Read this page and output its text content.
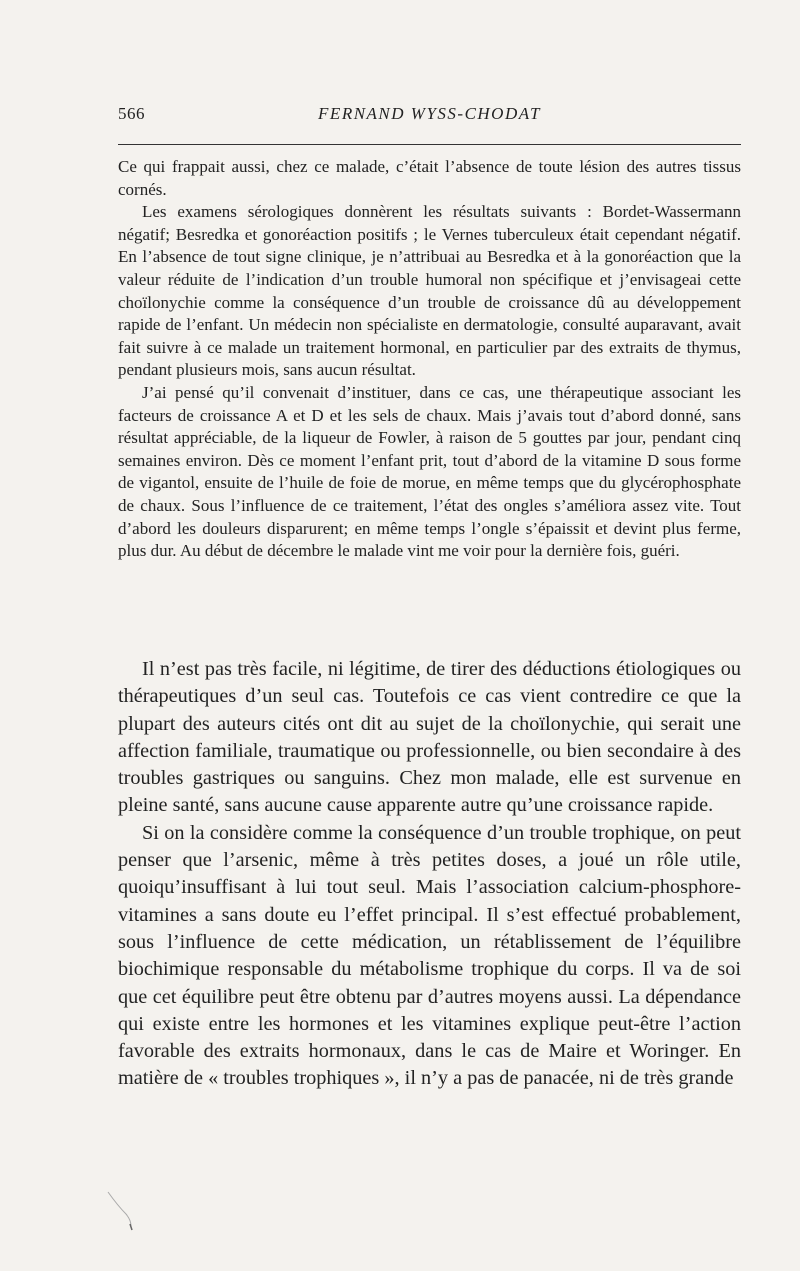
566	FERNAND WYSS-CHODAT

Ce qui frappait aussi, chez ce malade, c’était l’absence de toute lésion des autres tissus cornés.

Les examens sérologiques donnèrent les résultats suivants : Bordet-Wassermann négatif; Besredka et gonoréaction positifs ; le Vernes tuberculeux était cependant négatif. En l’absence de tout signe clinique, je n’attribuai au Besredka et à la gonoréaction que la valeur réduite de l’indication d’un trouble humoral non spécifique et j’envisageai cette choïlonychie comme la conséquence d’un trouble de croissance dû au développement rapide de l’enfant. Un médecin non spécialiste en dermatologie, consulté auparavant, avait fait suivre à ce malade un traitement hormonal, en particulier par des extraits de thymus, pendant plusieurs mois, sans aucun résultat.

J’ai pensé qu’il convenait d’instituer, dans ce cas, une thérapeutique associant les facteurs de croissance A et D et les sels de chaux. Mais j’avais tout d’abord donné, sans résultat appréciable, de la liqueur de Fowler, à raison de 5 gouttes par jour, pendant cinq semaines environ. Dès ce moment l’enfant prit, tout d’abord de la vitamine D sous forme de vigantol, ensuite de l’huile de foie de morue, en même temps que du glycérophosphate de chaux. Sous l’influence de ce traitement, l’état des ongles s’améliora assez vite. Tout d’abord les douleurs disparurent; en même temps l’ongle s’épaissit et devint plus ferme, plus dur. Au début de décembre le malade vint me voir pour la dernière fois, guéri.

Il n’est pas très facile, ni légitime, de tirer des déductions étiologiques ou thérapeutiques d’un seul cas. Toutefois ce cas vient contredire ce que la plupart des auteurs cités ont dit au sujet de la choïlonychie, qui serait une affection familiale, traumatique ou professionnelle, ou bien secondaire à des troubles gastriques ou sanguins. Chez mon malade, elle est survenue en pleine santé, sans aucune cause apparente autre qu’une croissance rapide.

Si on la considère comme la conséquence d’un trouble trophique, on peut penser que l’arsenic, même à très petites doses, a joué un rôle utile, quoiqu’insuffisant à lui tout seul. Mais l’association calcium-phosphore-vitamines a sans doute eu l’effet principal. Il s’est effectué probablement, sous l’influence de cette médication, un rétablissement de l’équilibre biochimique responsable du métabolisme trophique du corps. Il va de soi que cet équilibre peut être obtenu par d’autres moyens aussi. La dépendance qui existe entre les hormones et les vitamines explique peut-être l’action favorable des extraits hormonaux, dans le cas de Maire et Woringer. En matière de « troubles trophiques », il n’y a pas de panacée, ni de très grande
